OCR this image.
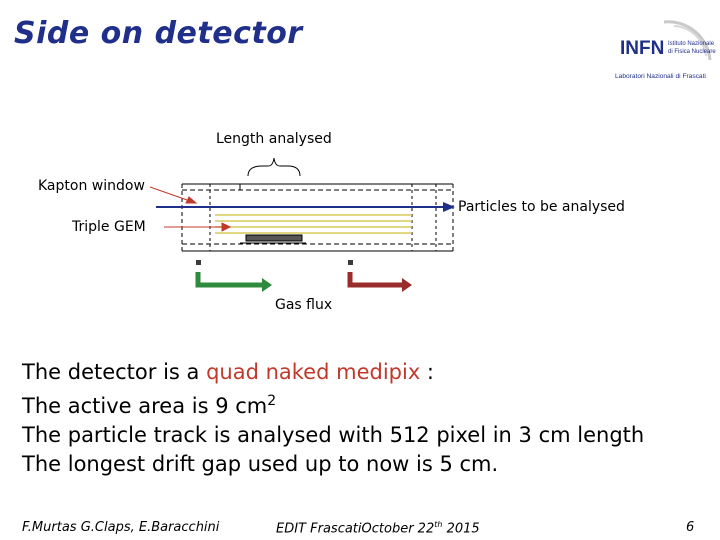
Side on detector	INFN Istituto Nazionale
di Fisica Nucleare
Laboratori Nazionali di Frascati
Length analysed
Kapton window
Particles to be analysed
Triple GEM
Gas flux
The detector is a quad naked medipix :
The active area is 9 $cm^2$
The particle track is analysed with 512 pixel in 3 cm length
The longest drift gap used up to now is 5 cm.
F.Murtas G.Claps, E.Baracchini	EDIT FrascatiOctober 22th 2015	6
